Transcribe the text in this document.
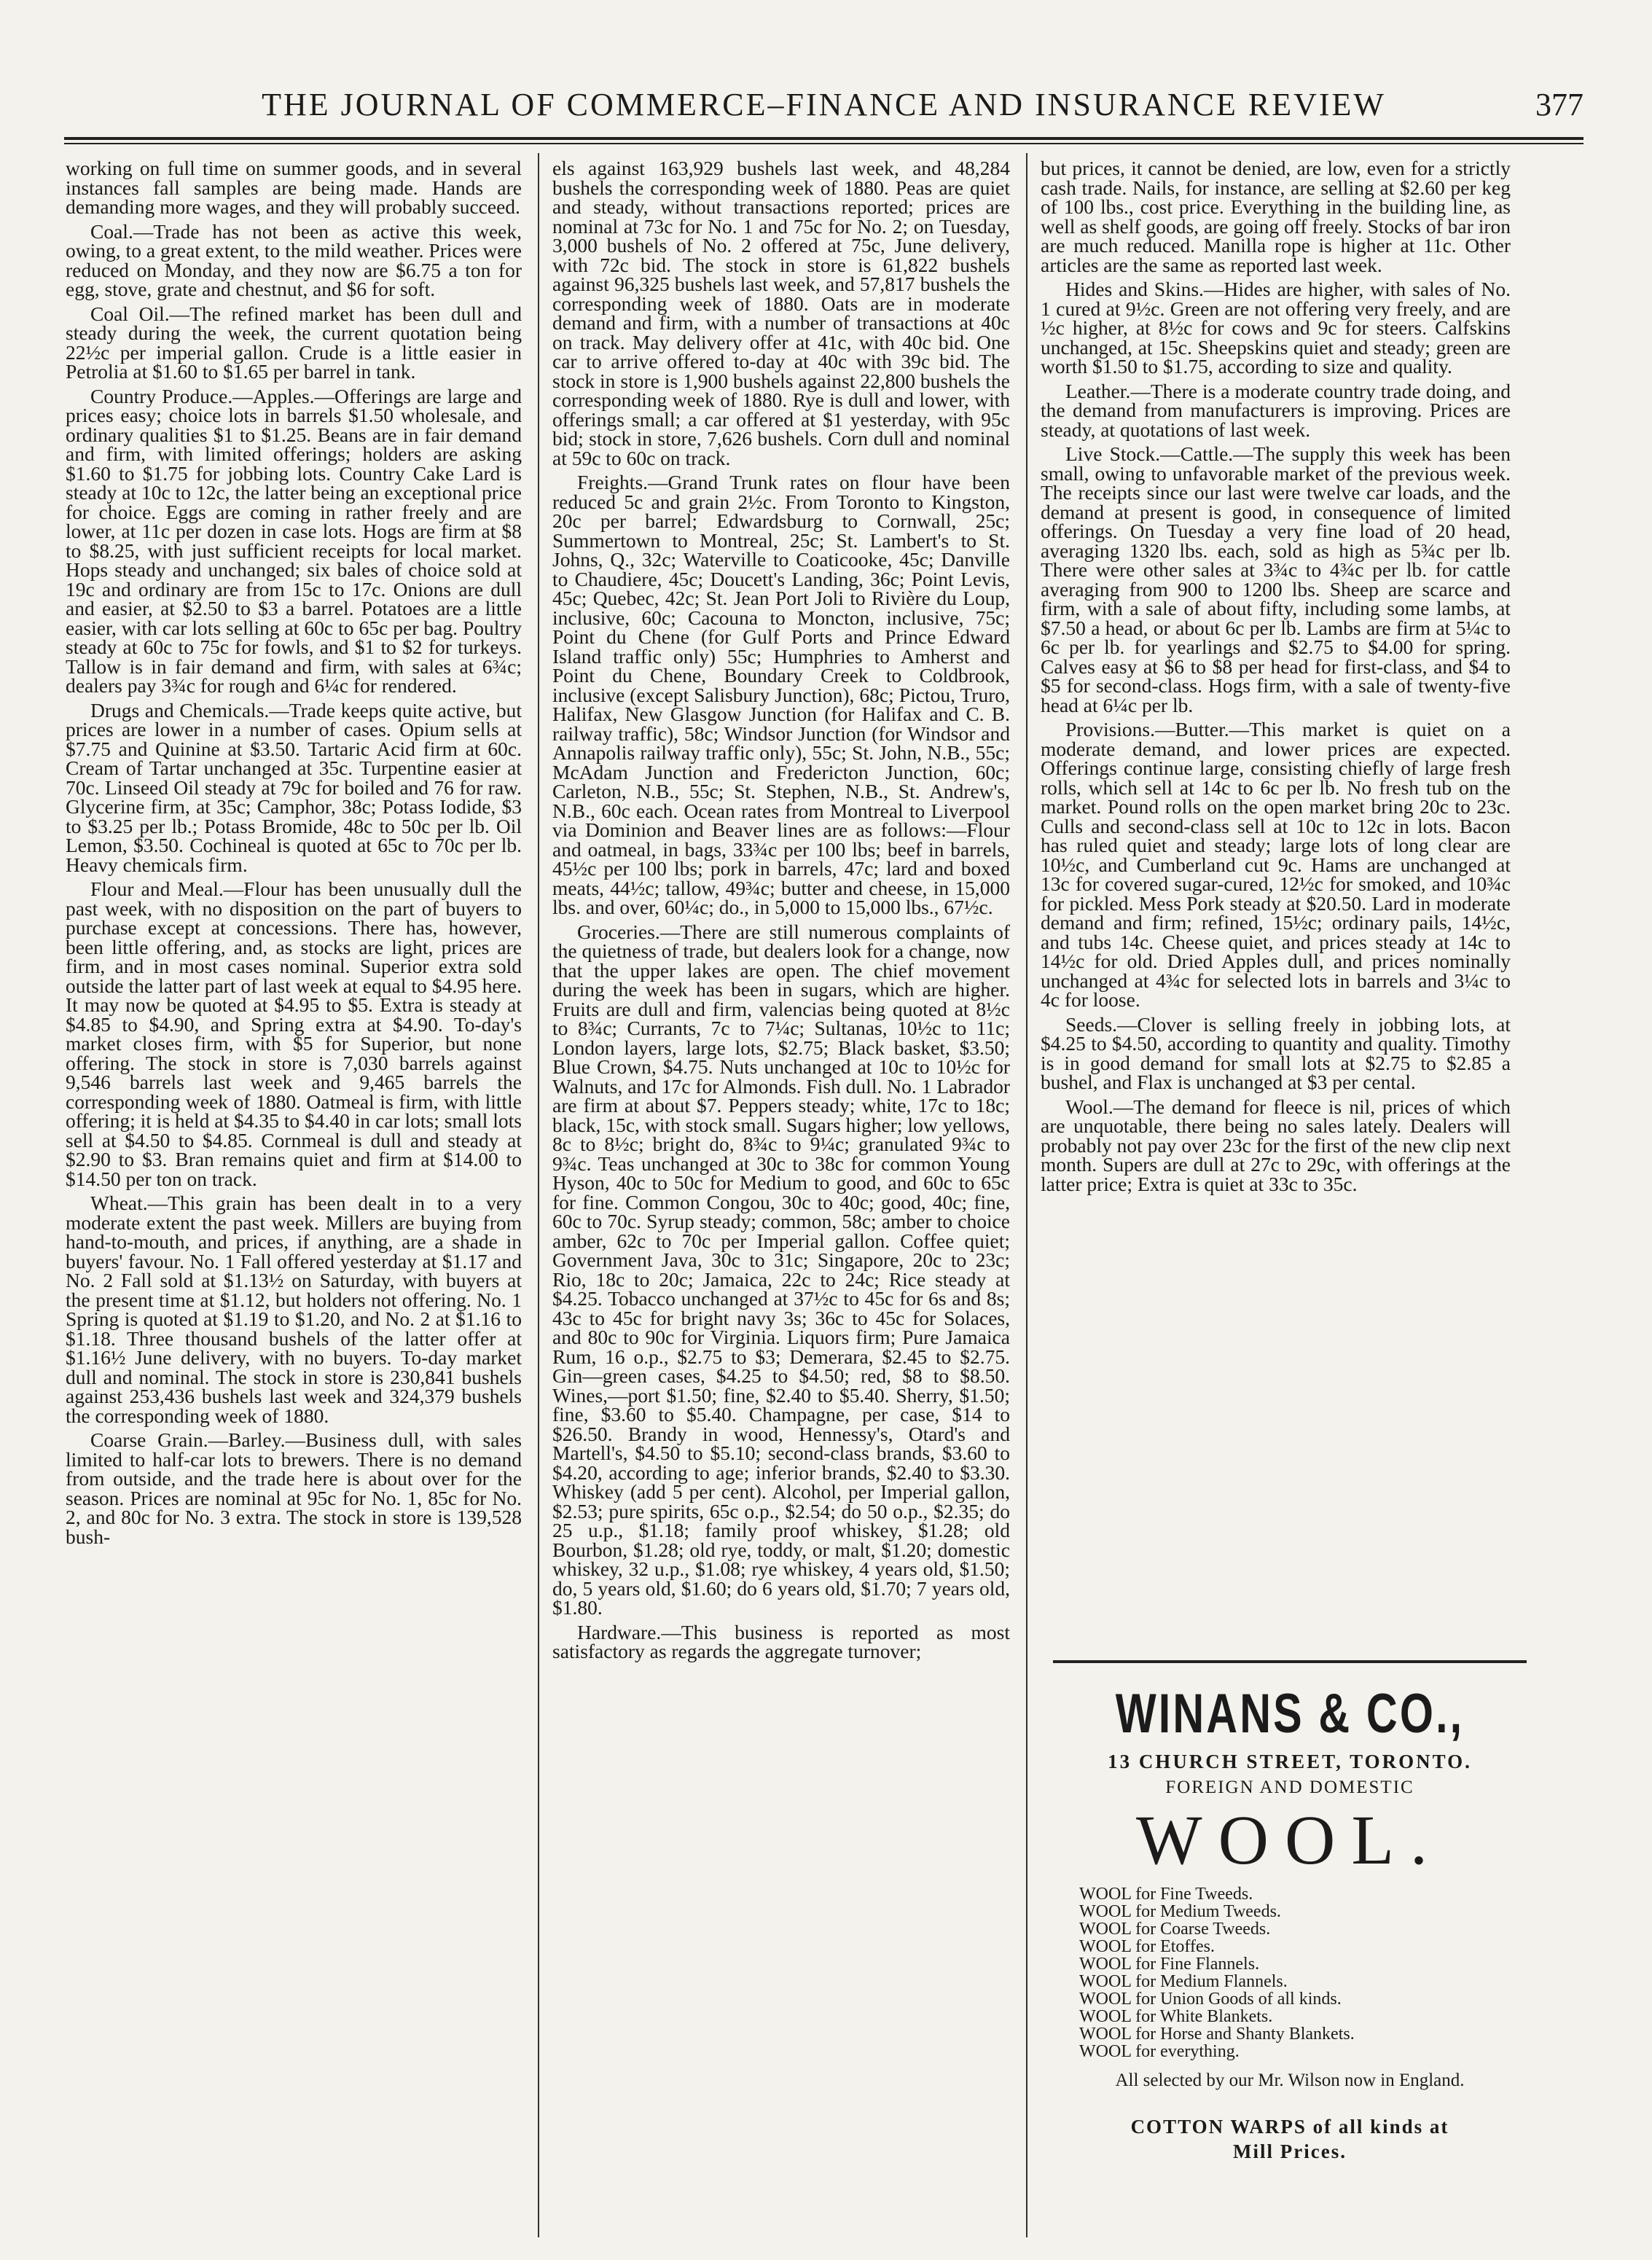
THE JOURNAL OF COMMERCE–FINANCE AND INSURANCE REVIEW	377

working on full time on summer goods, and in several instances fall samples are being made. Hands are demanding more wages, and they will probably succeed.

Coal.—Trade has not been as active this week, owing, to a great extent, to the mild weather. Prices were reduced on Monday, and they now are $6.75 a ton for egg, stove, grate and chestnut, and $6 for soft.

Coal Oil.—The refined market has been dull and steady during the week, the current quotation being 22½c per imperial gallon. Crude is a little easier in Petrolia at $1.60 to $1.65 per barrel in tank.

Country Produce.—Apples.—Offerings are large and prices easy; choice lots in barrels $1.50 wholesale, and ordinary qualities $1 to $1.25. Beans are in fair demand and firm, with limited offerings; holders are asking $1.60 to $1.75 for jobbing lots. Country Cake Lard is steady at 10c to 12c, the latter being an exceptional price for choice. Eggs are coming in rather freely and are lower, at 11c per dozen in case lots. Hogs are firm at $8 to $8.25, with just sufficient receipts for local market. Hops steady and unchanged; six bales of choice sold at 19c and ordinary are from 15c to 17c. Onions are dull and easier, at $2.50 to $3 a barrel. Potatoes are a little easier, with car lots selling at 60c to 65c per bag. Poultry steady at 60c to 75c for fowls, and $1 to $2 for turkeys. Tallow is in fair demand and firm, with sales at 6¾c; dealers pay 3¾c for rough and 6¼c for rendered.

Drugs and Chemicals.—Trade keeps quite active, but prices are lower in a number of cases. Opium sells at $7.75 and Quinine at $3.50. Tartaric Acid firm at 60c. Cream of Tartar unchanged at 35c. Turpentine easier at 70c. Linseed Oil steady at 79c for boiled and 76 for raw. Glycerine firm, at 35c; Camphor, 38c; Potass Iodide, $3 to $3.25 per lb.; Potass Bromide, 48c to 50c per lb. Oil Lemon, $3.50. Cochineal is quoted at 65c to 70c per lb. Heavy chemicals firm.

Flour and Meal.—Flour has been unusually dull the past week, with no disposition on the part of buyers to purchase except at concessions. There has, however, been little offering, and, as stocks are light, prices are firm, and in most cases nominal. Superior extra sold outside the latter part of last week at equal to $4.95 here. It may now be quoted at $4.95 to $5. Extra is steady at $4.85 to $4.90, and Spring extra at $4.90. To-day's market closes firm, with $5 for Superior, but none offering. The stock in store is 7,030 barrels against 9,546 barrels last week and 9,465 barrels the corresponding week of 1880. Oatmeal is firm, with little offering; it is held at $4.35 to $4.40 in car lots; small lots sell at $4.50 to $4.85. Cornmeal is dull and steady at $2.90 to $3. Bran remains quiet and firm at $14.00 to $14.50 per ton on track.

Wheat.—This grain has been dealt in to a very moderate extent the past week. Millers are buying from hand-to-mouth, and prices, if anything, are a shade in buyers' favour. No. 1 Fall offered yesterday at $1.17 and No. 2 Fall sold at $1.13½ on Saturday, with buyers at the present time at $1.12, but holders not offering. No. 1 Spring is quoted at $1.19 to $1.20, and No. 2 at $1.16 to $1.18. Three thousand bushels of the latter offer at $1.16½ June delivery, with no buyers. To-day market dull and nominal. The stock in store is 230,841 bushels against 253,436 bushels last week and 324,379 bushels the corresponding week of 1880.

Coarse Grain.—Barley.—Business dull, with sales limited to half-car lots to brewers. There is no demand from outside, and the trade here is about over for the season. Prices are nominal at 95c for No. 1, 85c for No. 2, and 80c for No. 3 extra. The stock in store is 139,528 bush-

els against 163,929 bushels last week, and 48,284 bushels the corresponding week of 1880. Peas are quiet and steady, without transactions reported; prices are nominal at 73c for No. 1 and 75c for No. 2; on Tuesday, 3,000 bushels of No. 2 offered at 75c, June delivery, with 72c bid. The stock in store is 61,822 bushels against 96,325 bushels last week, and 57,817 bushels the corresponding week of 1880. Oats are in moderate demand and firm, with a number of transactions at 40c on track. May delivery offer at 41c, with 40c bid. One car to arrive offered to-day at 40c with 39c bid. The stock in store is 1,900 bushels against 22,800 bushels the corresponding week of 1880. Rye is dull and lower, with offerings small; a car offered at $1 yesterday, with 95c bid; stock in store, 7,626 bushels. Corn dull and nominal at 59c to 60c on track.

Freights.—Grand Trunk rates on flour have been reduced 5c and grain 2½c. From Toronto to Kingston, 20c per barrel; Edwardsburg to Cornwall, 25c; Summertown to Montreal, 25c; St. Lambert's to St. Johns, Q., 32c; Waterville to Coaticooke, 45c; Danville to Chaudiere, 45c; Doucett's Landing, 36c; Point Levis, 45c; Quebec, 42c; St. Jean Port Joli to Rivière du Loup, inclusive, 60c; Cacouna to Moncton, inclusive, 75c; Point du Chene (for Gulf Ports and Prince Edward Island traffic only) 55c; Humphries to Amherst and Point du Chene, Boundary Creek to Coldbrook, inclusive (except Salisbury Junction), 68c; Pictou, Truro, Halifax, New Glasgow Junction (for Halifax and C. B. railway traffic), 58c; Windsor Junction (for Windsor and Annapolis railway traffic only), 55c; St. John, N.B., 55c; McAdam Junction and Fredericton Junction, 60c; Carleton, N.B., 55c; St. Stephen, N.B., St. Andrew's, N.B., 60c each. Ocean rates from Montreal to Liverpool via Dominion and Beaver lines are as follows:—Flour and oatmeal, in bags, 33¾c per 100 lbs; beef in barrels, 45½c per 100 lbs; pork in barrels, 47c; lard and boxed meats, 44½c; tallow, 49¾c; butter and cheese, in 15,000 lbs. and over, 60¼c; do., in 5,000 to 15,000 lbs., 67½c.

Groceries.—There are still numerous complaints of the quietness of trade, but dealers look for a change, now that the upper lakes are open. The chief movement during the week has been in sugars, which are higher. Fruits are dull and firm, valencias being quoted at 8½c to 8¾c; Currants, 7c to 7¼c; Sultanas, 10½c to 11c; London layers, large lots, $2.75; Black basket, $3.50; Blue Crown, $4.75. Nuts unchanged at 10c to 10½c for Walnuts, and 17c for Almonds. Fish dull. No. 1 Labrador are firm at about $7. Peppers steady; white, 17c to 18c; black, 15c, with stock small. Sugars higher; low yellows, 8c to 8½c; bright do, 8¾c to 9¼c; granulated 9¾c to 9¾c. Teas unchanged at 30c to 38c for common Young Hyson, 40c to 50c for Medium to good, and 60c to 65c for fine. Common Congou, 30c to 40c; good, 40c; fine, 60c to 70c. Syrup steady; common, 58c; amber to choice amber, 62c to 70c per Imperial gallon. Coffee quiet; Government Java, 30c to 31c; Singapore, 20c to 23c; Rio, 18c to 20c; Jamaica, 22c to 24c; Rice steady at $4.25. Tobacco unchanged at 37½c to 45c for 6s and 8s; 43c to 45c for bright navy 3s; 36c to 45c for Solaces, and 80c to 90c for Virginia. Liquors firm; Pure Jamaica Rum, 16 o.p., $2.75 to $3; Demerara, $2.45 to $2.75. Gin—green cases, $4.25 to $4.50; red, $8 to $8.50. Wines,—port $1.50; fine, $2.40 to $5.40. Sherry, $1.50; fine, $3.60 to $5.40. Champagne, per case, $14 to $26.50. Brandy in wood, Hennessy's, Otard's and Martell's, $4.50 to $5.10; second-class brands, $3.60 to $4.20, according to age; inferior brands, $2.40 to $3.30. Whiskey (add 5 per cent). Alcohol, per Imperial gallon, $2.53; pure spirits, 65c o.p., $2.54; do 50 o.p., $2.35; do 25 u.p., $1.18; family proof whiskey, $1.28; old Bourbon, $1.28; old rye, toddy, or malt, $1.20; domestic whiskey, 32 u.p., $1.08; rye whiskey, 4 years old, $1.50; do, 5 years old, $1.60; do 6 years old, $1.70; 7 years old, $1.80.

Hardware.—This business is reported as most satisfactory as regards the aggregate turnover;

but prices, it cannot be denied, are low, even for a strictly cash trade. Nails, for instance, are selling at $2.60 per keg of 100 lbs., cost price. Everything in the building line, as well as shelf goods, are going off freely. Stocks of bar iron are much reduced. Manilla rope is higher at 11c. Other articles are the same as reported last week.

Hides and Skins.—Hides are higher, with sales of No. 1 cured at 9½c. Green are not offering very freely, and are ½c higher, at 8½c for cows and 9c for steers. Calfskins unchanged, at 15c. Sheepskins quiet and steady; green are worth $1.50 to $1.75, according to size and quality.

Leather.—There is a moderate country trade doing, and the demand from manufacturers is improving. Prices are steady, at quotations of last week.

Live Stock.—Cattle.—The supply this week has been small, owing to unfavorable market of the previous week. The receipts since our last were twelve car loads, and the demand at present is good, in consequence of limited offerings. On Tuesday a very fine load of 20 head, averaging 1320 lbs. each, sold as high as 5¾c per lb. There were other sales at 3¾c to 4¾c per lb. for cattle averaging from 900 to 1200 lbs. Sheep are scarce and firm, with a sale of about fifty, including some lambs, at $7.50 a head, or about 6c per lb. Lambs are firm at 5¼c to 6c per lb. for yearlings and $2.75 to $4.00 for spring. Calves easy at $6 to $8 per head for first-class, and $4 to $5 for second-class. Hogs firm, with a sale of twenty-five head at 6¼c per lb.

Provisions.—Butter.—This market is quiet on a moderate demand, and lower prices are expected. Offerings continue large, consisting chiefly of large fresh rolls, which sell at 14c to 6c per lb. No fresh tub on the market. Pound rolls on the open market bring 20c to 23c. Culls and second-class sell at 10c to 12c in lots. Bacon has ruled quiet and steady; large lots of long clear are 10½c, and Cumberland cut 9c. Hams are unchanged at 13c for covered sugar-cured, 12½c for smoked, and 10¾c for pickled. Mess Pork steady at $20.50. Lard in moderate demand and firm; refined, 15½c; ordinary pails, 14½c, and tubs 14c. Cheese quiet, and prices steady at 14c to 14½c for old. Dried Apples dull, and prices nominally unchanged at 4¾c for selected lots in barrels and 3¼c to 4c for loose.

Seeds.—Clover is selling freely in jobbing lots, at $4.25 to $4.50, according to quantity and quality. Timothy is in good demand for small lots at $2.75 to $2.85 a bushel, and Flax is unchanged at $3 per cental.

Wool.—The demand for fleece is nil, prices of which are unquotable, there being no sales lately. Dealers will probably not pay over 23c for the first of the new clip next month. Supers are dull at 27c to 29c, with offerings at the latter price; Extra is quiet at 33c to 35c.

WINANS & CO.,
13 CHURCH STREET, TORONTO.
FOREIGN AND DOMESTIC
WOOL.
WOOL for Fine Tweeds.
WOOL for Medium Tweeds.
WOOL for Coarse Tweeds.
WOOL for Etoffes.
WOOL for Fine Flannels.
WOOL for Medium Flannels.
WOOL for Union Goods of all kinds.
WOOL for White Blankets.
WOOL for Horse and Shanty Blankets.
WOOL for everything.
All selected by our Mr. Wilson now in England.
COTTON WARPS of all kinds at
Mill Prices.
